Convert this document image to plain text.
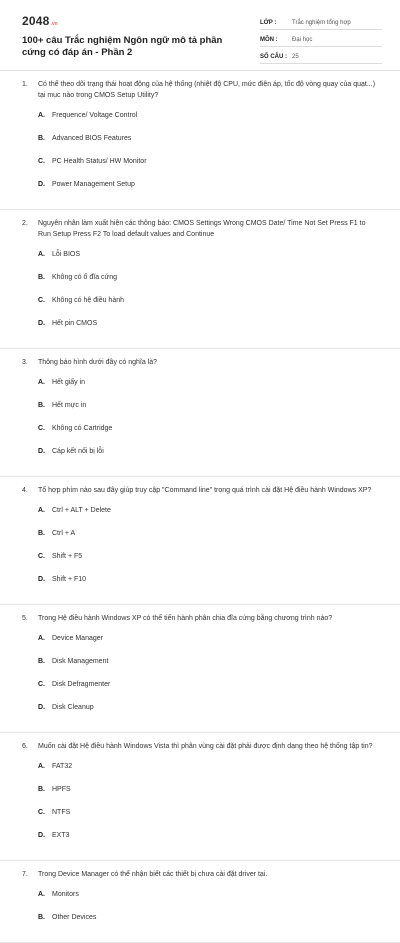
2048 .vn
100+ câu Trắc nghiệm Ngôn ngữ mô tả phần cứng có đáp án - Phần 2
LỚP :	Trắc nghiệm tổng hợp
MÔN :	Đại học
SỐ CÂU : 25
1.	Có thể theo dõi trạng thái hoạt động của hệ thống (nhiệt độ CPU, mức điện áp, tốc độ vòng quay của quạt...) tại mục nào trong CMOS Setup Utility?
A.	Frequence/ Voltage Control
B.	Advanced BIOS Features
C.	PC Health Status/ HW Monitor
D.	Power Management Setup
2.	Nguyên nhân làm xuất hiện các thông báo: CMOS Settings Wrong CMOS Date/ Time Not Set Press F1 to Run Setup Press F2 To load default values and Continue
A.	Lỗi BIOS
B.	Không có ổ đĩa cứng
C.	Không có hệ điều hành
D.	Hết pin CMOS
3.	Thông báo hình dưới đây có nghĩa là?
A.	Hết giấy in
B.	Hết mực in
C.	Không có Cartridge
D.	Cáp kết nối bị lỗi
4.	Tổ hợp phím nào sau đây giúp truy cập "Command line" trong quá trình cài đặt Hệ điều hành Windows XP?
A.	Ctrl + ALT + Delete
B.	Ctrl + A
C.	Shift + F5
D.	Shift + F10
5.	Trong Hệ điều hành Windows XP có thể tiến hành phân chia đĩa cứng bằng chương trình nào?
A.	Device Manager
B.	Disk Management
C.	Disk Defragmenter
D.	Disk Cleanup
6.	Muốn cài đặt Hệ điều hành Windows Vista thì phân vùng cài đặt phải được định dạng theo hệ thống tập tin?
A.	FAT32
B.	HPFS
C.	NTFS
D.	EXT3
7.	Trong Device Manager có thể nhận biết các thiết bị chưa cài đặt driver tại.
A.	Monitors
B.	Other Devices
